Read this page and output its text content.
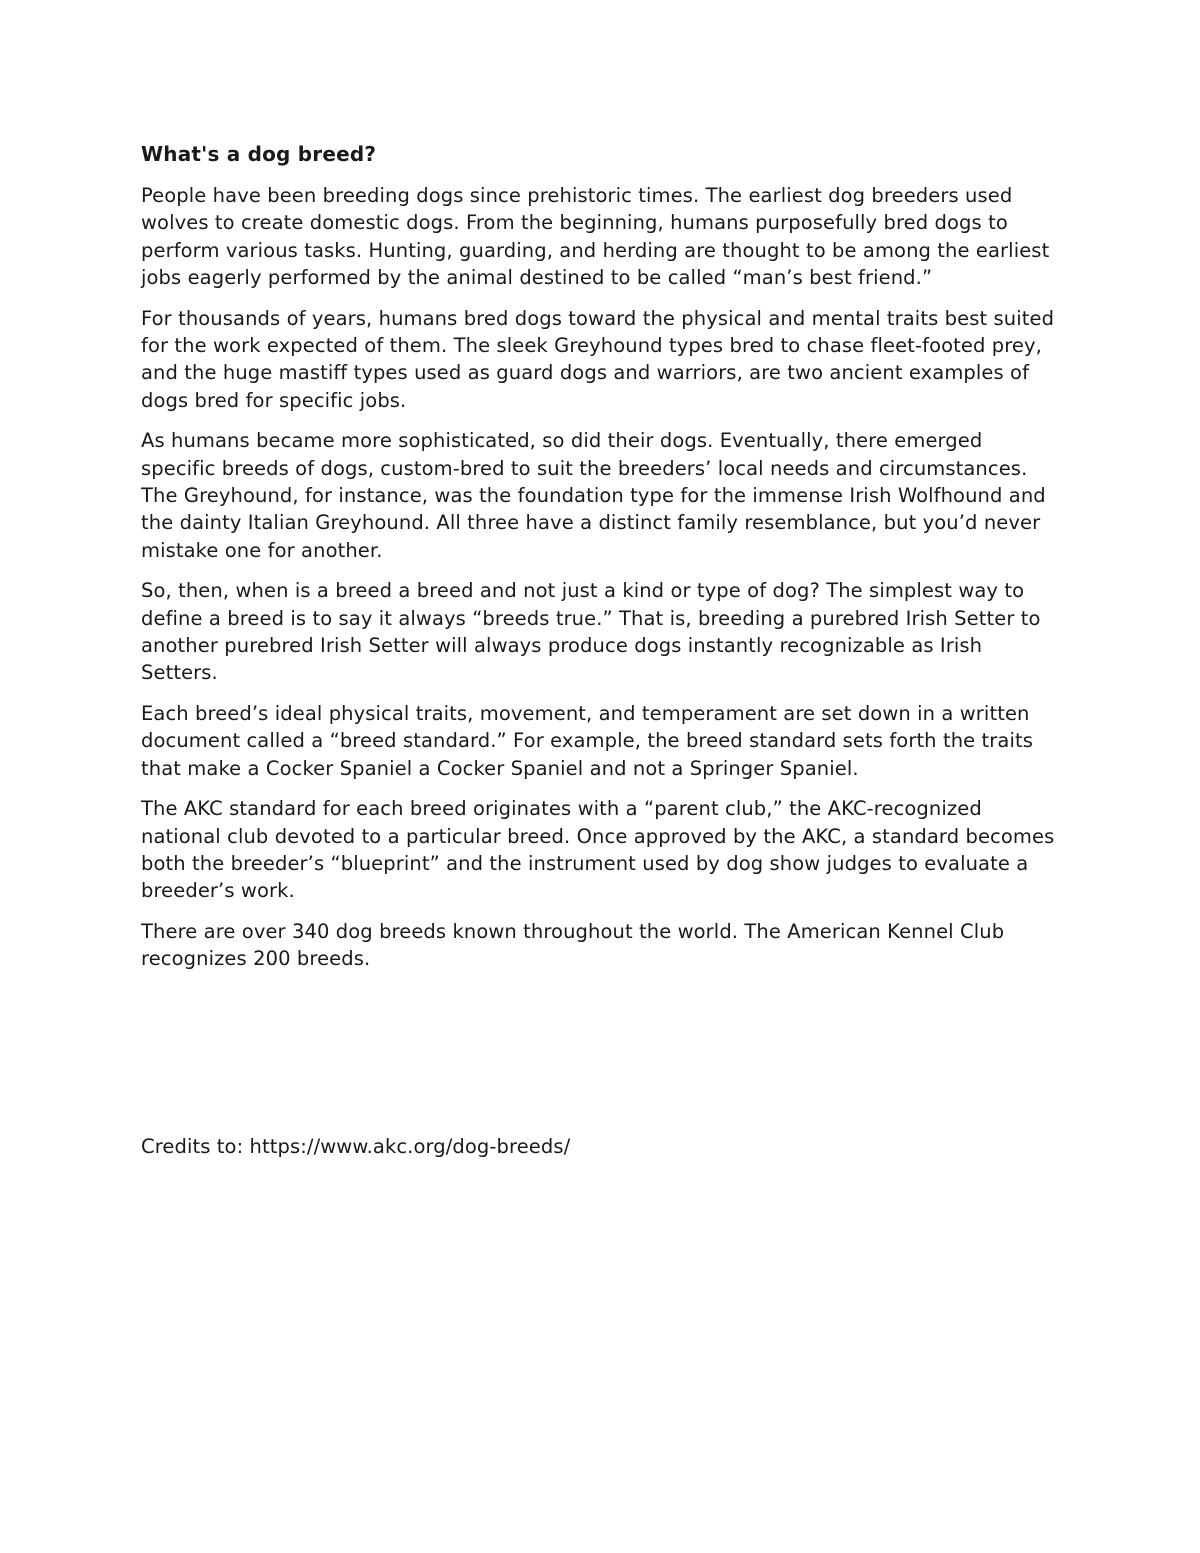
What's a dog breed?

People have been breeding dogs since prehistoric times. The earliest dog breeders used wolves to create domestic dogs. From the beginning, humans purposefully bred dogs to perform various tasks. Hunting, guarding, and herding are thought to be among the earliest jobs eagerly performed by the animal destined to be called “man’s best friend.”

For thousands of years, humans bred dogs toward the physical and mental traits best suited for the work expected of them. The sleek Greyhound types bred to chase fleet-footed prey, and the huge mastiff types used as guard dogs and warriors, are two ancient examples of dogs bred for specific jobs.

As humans became more sophisticated, so did their dogs. Eventually, there emerged specific breeds of dogs, custom-bred to suit the breeders’ local needs and circumstances. The Greyhound, for instance, was the foundation type for the immense Irish Wolfhound and the dainty Italian Greyhound. All three have a distinct family resemblance, but you’d never mistake one for another.

So, then, when is a breed a breed and not just a kind or type of dog? The simplest way to define a breed is to say it always “breeds true.” That is, breeding a purebred Irish Setter to another purebred Irish Setter will always produce dogs instantly recognizable as Irish Setters.

Each breed’s ideal physical traits, movement, and temperament are set down in a written document called a “breed standard.” For example, the breed standard sets forth the traits that make a Cocker Spaniel a Cocker Spaniel and not a Springer Spaniel.

The AKC standard for each breed originates with a “parent club,” the AKC-recognized national club devoted to a particular breed. Once approved by the AKC, a standard becomes both the breeder’s “blueprint” and the instrument used by dog show judges to evaluate a breeder’s work.

There are over 340 dog breeds known throughout the world. The American Kennel Club recognizes 200 breeds.

Credits to: https://www.akc.org/dog-breeds/
